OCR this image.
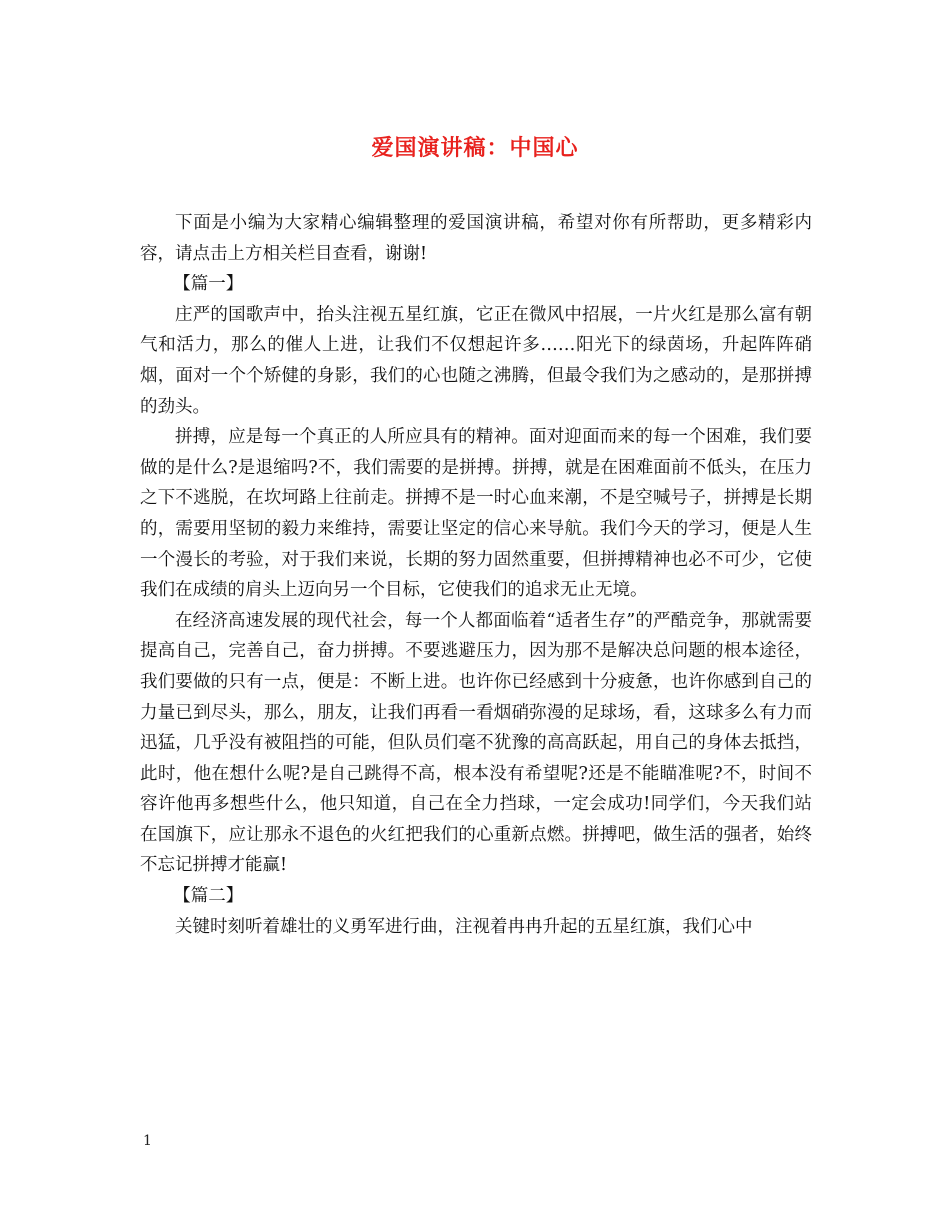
爱国演讲稿：中国心

下面是小编为大家精心编辑整理的爱国演讲稿，希望对你有所帮助，更多精彩内容，请点击上方相关栏目查看，谢谢!

【篇一】

庄严的国歌声中，抬头注视五星红旗，它正在微风中招展，一片火红是那么富有朝气和活力，那么的催人上进，让我们不仅想起许多……阳光下的绿茵场，升起阵阵硝烟，面对一个个矫健的身影，我们的心也随之沸腾，但最令我们为之感动的，是那拼搏的劲头。

拼搏，应是每一个真正的人所应具有的精神。面对迎面而来的每一个困难，我们要做的是什么?是退缩吗?不，我们需要的是拼搏。拼搏，就是在困难面前不低头，在压力之下不逃脱，在坎坷路上往前走。拼搏不是一时心血来潮，不是空喊号子，拼搏是长期的，需要用坚韧的毅力来维持，需要让坚定的信心来导航。我们今天的学习，便是人生一个漫长的考验，对于我们来说，长期的努力固然重要，但拼搏精神也必不可少，它使我们在成绩的肩头上迈向另一个目标，它使我们的追求无止无境。

在经济高速发展的现代社会，每一个人都面临着“适者生存”的严酷竞争，那就需要提高自己，完善自己，奋力拼搏。不要逃避压力，因为那不是解决总问题的根本途径，我们要做的只有一点，便是：不断上进。也许你已经感到十分疲惫，也许你感到自己的力量已到尽头，那么，朋友，让我们再看一看烟硝弥漫的足球场，看，这球多么有力而迅猛，几乎没有被阻挡的可能，但队员们毫不犹豫的高高跃起，用自己的身体去抵挡，此时，他在想什么呢?是自己跳得不高，根本没有希望呢?还是不能瞄准呢?不，时间不容许他再多想些什么，他只知道，自己在全力挡球，一定会成功!同学们，今天我们站在国旗下，应让那永不退色的火红把我们的心重新点燃。拼搏吧，做生活的强者，始终不忘记拼搏才能赢!

【篇二】

关键时刻听着雄壮的义勇军进行曲，注视着冉冉升起的五星红旗，我们心中

1
